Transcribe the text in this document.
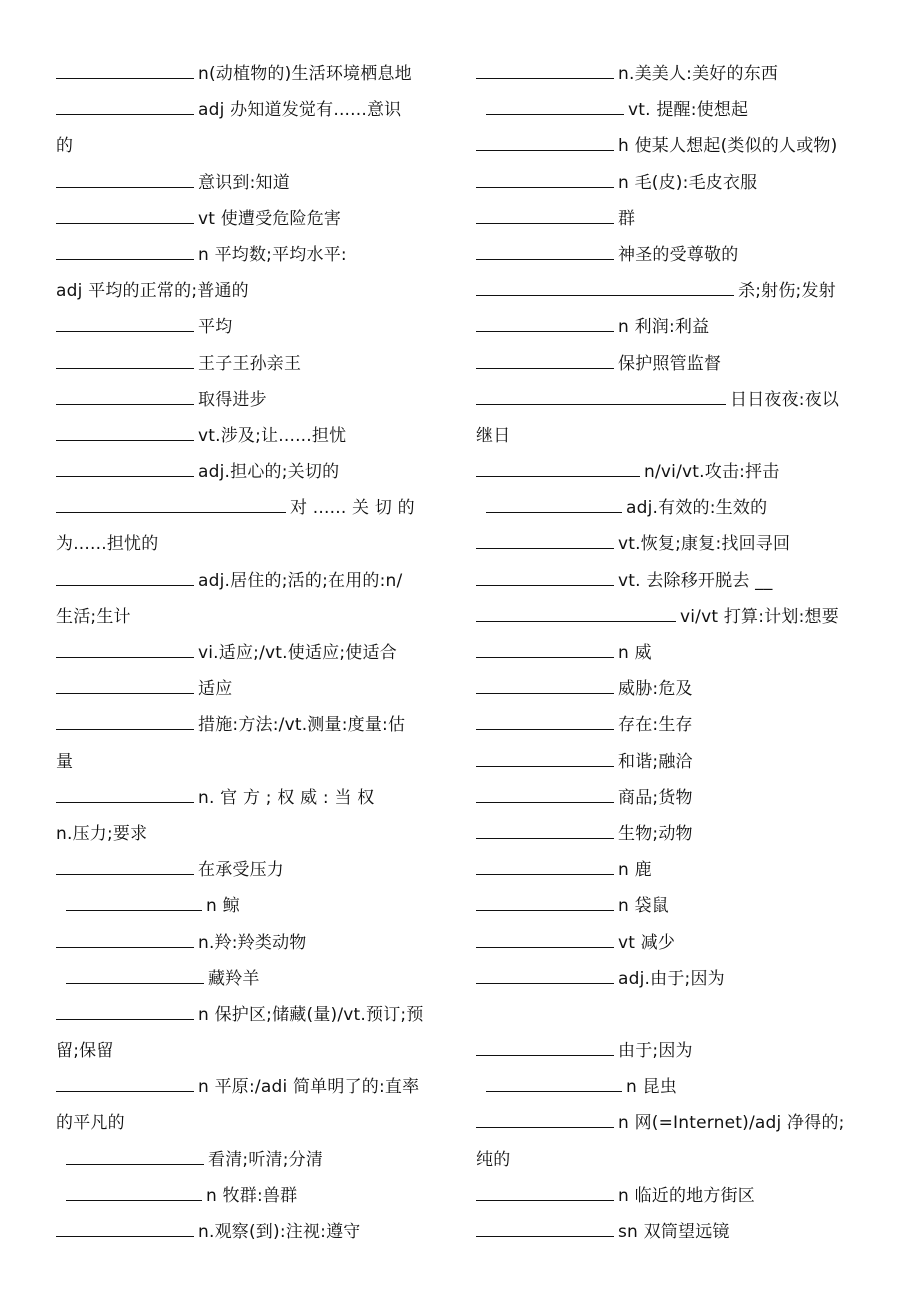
n(动植物的)生活环境栖息地
adj 办知道发觉有......意识
的
意识到:知道
vt 使遭受危险危害
n 平均数;平均水平:
adj 平均的正常的;普通的
平均
王子王孙亲王
取得进步
vt.涉及;让......担忧
adj.担心的;关切的
对 ...... 关 切 的
为......担忧的
adj.居住的;活的;在用的:n/
生活;生计
vi.适应;/vt.使适应;使适合
适应
措施:方法:/vt.测量:度量:估
量
n. 官 方 ; 权 威 : 当 权
n.压力;要求
在承受压力
n 鲸
n.羚:羚类动物
藏羚羊
n 保护区;储藏(量)/vt.预订;预
留;保留
n 平原:/adi 简单明了的:直率
的平凡的
看清;听清;分清
n 牧群:兽群
n.观察(到):注视:遵守
n.美美人:美好的东西
vt. 提醒:使想起
h 使某人想起(类似的人或物)
n 毛(皮):毛皮衣服
群
神圣的受尊敬的
杀;射伤;发射
n 利润:利益
保护照管监督
日日夜夜:夜以
继日
n/vi/vt.攻击:抨击
adj.有效的:生效的
vt.恢复;康复:找回寻回
vt. 去除移开脱去 __
vi/vt 打算:计划:想要
n 威
威胁:危及
存在:生存
和谐;融洽
商品;货物
生物;动物
n 鹿
n 袋鼠
vt 减少
adj.由于;因为
由于;因为
n 昆虫
n 网(=Internet)/adj 净得的;
纯的
n 临近的地方街区
sn 双筒望远镜
